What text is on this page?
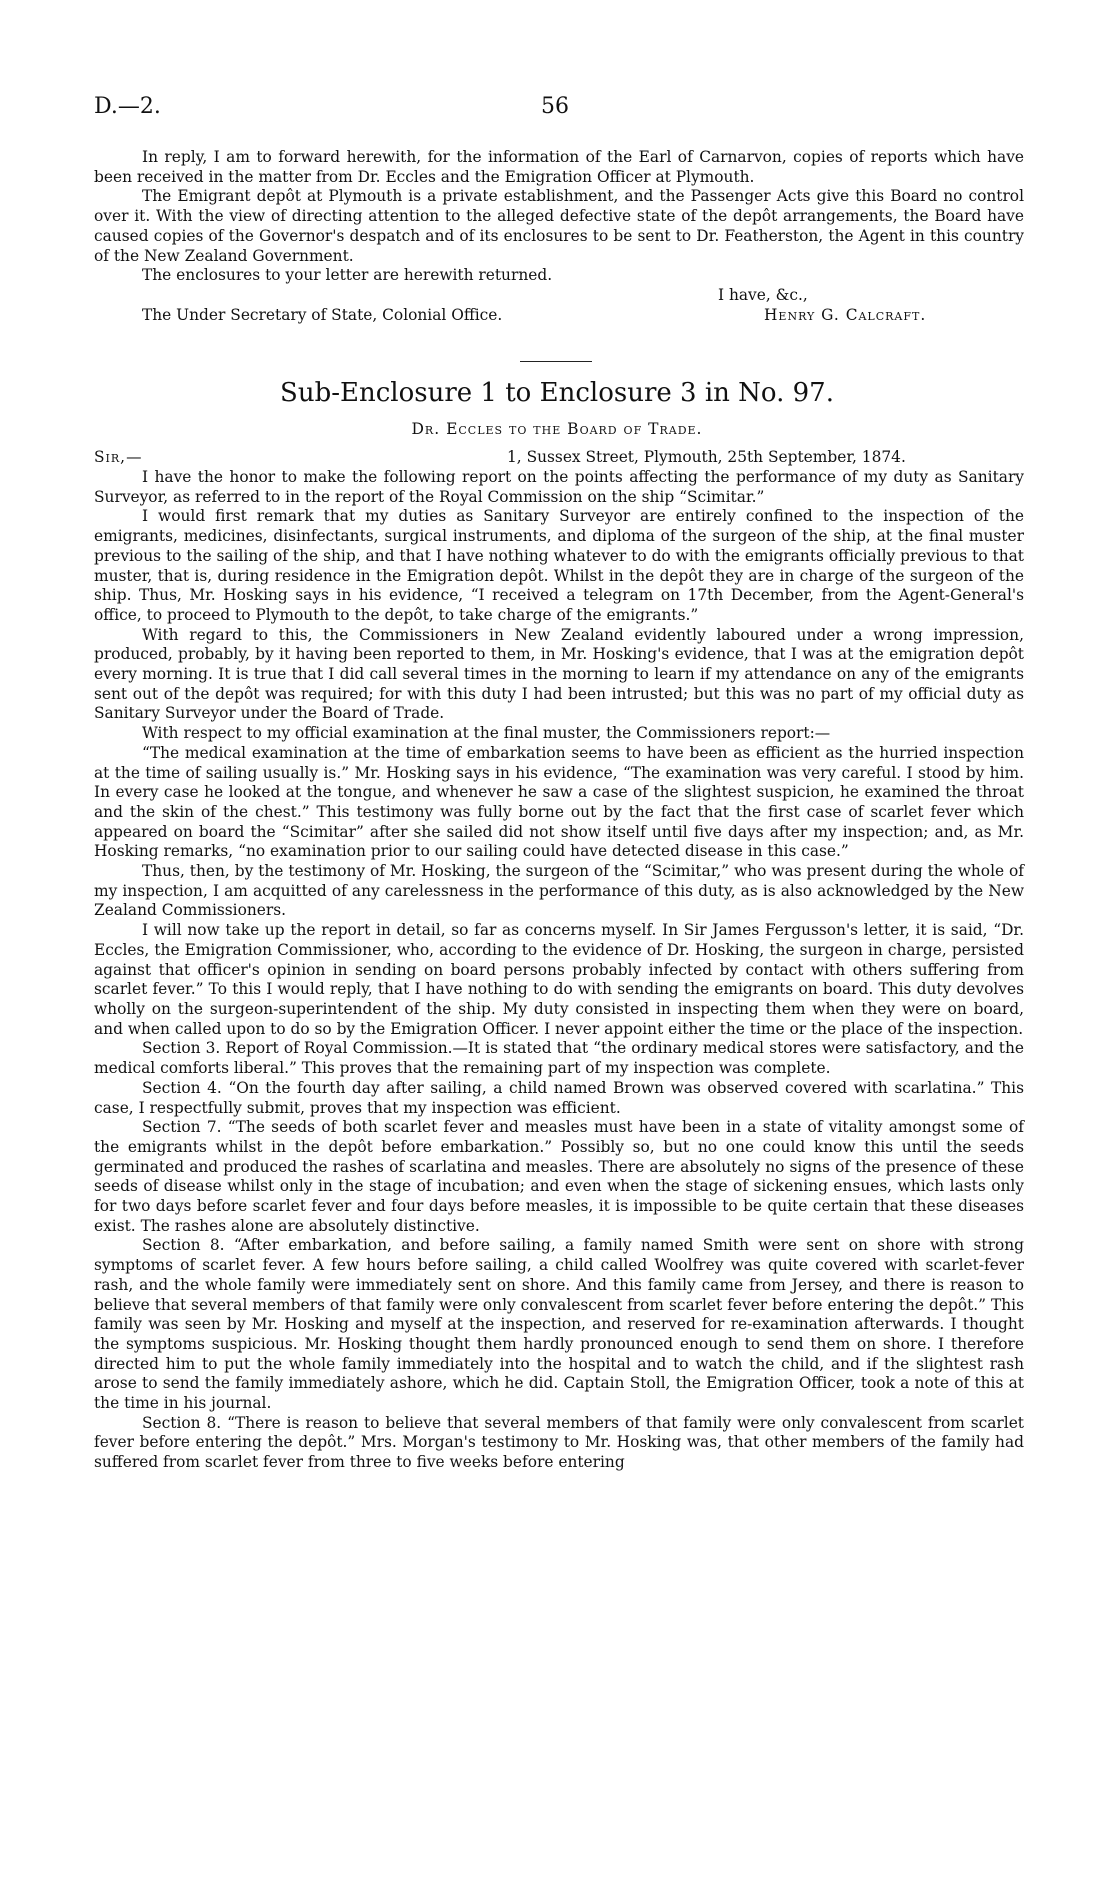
D.—2.	56

In reply, I am to forward herewith, for the information of the Earl of Carnarvon, copies of reports which have been received in the matter from Dr. Eccles and the Emigration Officer at Plymouth.

The Emigrant depôt at Plymouth is a private establishment, and the Passenger Acts give this Board no control over it. With the view of directing attention to the alleged defective state of the depôt arrangements, the Board have caused copies of the Governor's despatch and of its enclosures to be sent to Dr. Featherston, the Agent in this country of the New Zealand Government.

The enclosures to your letter are herewith returned.

I have, &c.,
The Under Secretary of State, Colonial Office.	Henry G. Calcraft.
Sub-Enclosure 1 to Enclosure 3 in No. 97.
Dr. Eccles to the Board of Trade.
Sir,—	1, Sussex Street, Plymouth, 25th September, 1874.

I have the honor to make the following report on the points affecting the performance of my duty as Sanitary Surveyor, as referred to in the report of the Royal Commission on the ship “Scimitar.”

I would first remark that my duties as Sanitary Surveyor are entirely confined to the inspection of the emigrants, medicines, disinfectants, surgical instruments, and diploma of the surgeon of the ship, at the final muster previous to the sailing of the ship, and that I have nothing whatever to do with the emigrants officially previous to that muster, that is, during residence in the Emigration depôt. Whilst in the depôt they are in charge of the surgeon of the ship. Thus, Mr. Hosking says in his evidence, “I received a telegram on 17th December, from the Agent-General's office, to proceed to Plymouth to the depôt, to take charge of the emigrants.”

With regard to this, the Commissioners in New Zealand evidently laboured under a wrong impression, produced, probably, by it having been reported to them, in Mr. Hosking's evidence, that I was at the emigration depôt every morning. It is true that I did call several times in the morning to learn if my attendance on any of the emigrants sent out of the depôt was required; for with this duty I had been intrusted; but this was no part of my official duty as Sanitary Surveyor under the Board of Trade.

With respect to my official examination at the final muster, the Commissioners report:—

“The medical examination at the time of embarkation seems to have been as efficient as the hurried inspection at the time of sailing usually is.” Mr. Hosking says in his evidence, “The examination was very careful. I stood by him. In every case he looked at the tongue, and whenever he saw a case of the slightest suspicion, he examined the throat and the skin of the chest.” This testimony was fully borne out by the fact that the first case of scarlet fever which appeared on board the “Scimitar” after she sailed did not show itself until five days after my inspection; and, as Mr. Hosking remarks, “no examination prior to our sailing could have detected disease in this case.”

Thus, then, by the testimony of Mr. Hosking, the surgeon of the “Scimitar,” who was present during the whole of my inspection, I am acquitted of any carelessness in the performance of this duty, as is also acknowledged by the New Zealand Commissioners.

I will now take up the report in detail, so far as concerns myself. In Sir James Fergusson's letter, it is said, “Dr. Eccles, the Emigration Commissioner, who, according to the evidence of Dr. Hosking, the surgeon in charge, persisted against that officer's opinion in sending on board persons probably infected by contact with others suffering from scarlet fever.” To this I would reply, that I have nothing to do with sending the emigrants on board. This duty devolves wholly on the surgeon-superintendent of the ship. My duty consisted in inspecting them when they were on board, and when called upon to do so by the Emigration Officer. I never appoint either the time or the place of the inspection.

Section 3. Report of Royal Commission.—It is stated that “the ordinary medical stores were satisfactory, and the medical comforts liberal.” This proves that the remaining part of my inspection was complete.

Section 4. “On the fourth day after sailing, a child named Brown was observed covered with scarlatina.” This case, I respectfully submit, proves that my inspection was efficient.

Section 7. “The seeds of both scarlet fever and measles must have been in a state of vitality amongst some of the emigrants whilst in the depôt before embarkation.” Possibly so, but no one could know this until the seeds germinated and produced the rashes of scarlatina and measles. There are absolutely no signs of the presence of these seeds of disease whilst only in the stage of incubation; and even when the stage of sickening ensues, which lasts only for two days before scarlet fever and four days before measles, it is impossible to be quite certain that these diseases exist. The rashes alone are absolutely distinctive.

Section 8. “After embarkation, and before sailing, a family named Smith were sent on shore with strong symptoms of scarlet fever. A few hours before sailing, a child called Woolfrey was quite covered with scarlet-fever rash, and the whole family were immediately sent on shore. And this family came from Jersey, and there is reason to believe that several members of that family were only convalescent from scarlet fever before entering the depôt.” This family was seen by Mr. Hosking and myself at the inspection, and reserved for re-examination afterwards. I thought the symptoms suspicious. Mr. Hosking thought them hardly pronounced enough to send them on shore. I therefore directed him to put the whole family immediately into the hospital and to watch the child, and if the slightest rash arose to send the family immediately ashore, which he did. Captain Stoll, the Emigration Officer, took a note of this at the time in his journal.

Section 8. “There is reason to believe that several members of that family were only convalescent from scarlet fever before entering the depôt.” Mrs. Morgan's testimony to Mr. Hosking was, that other members of the family had suffered from scarlet fever from three to five weeks before entering
